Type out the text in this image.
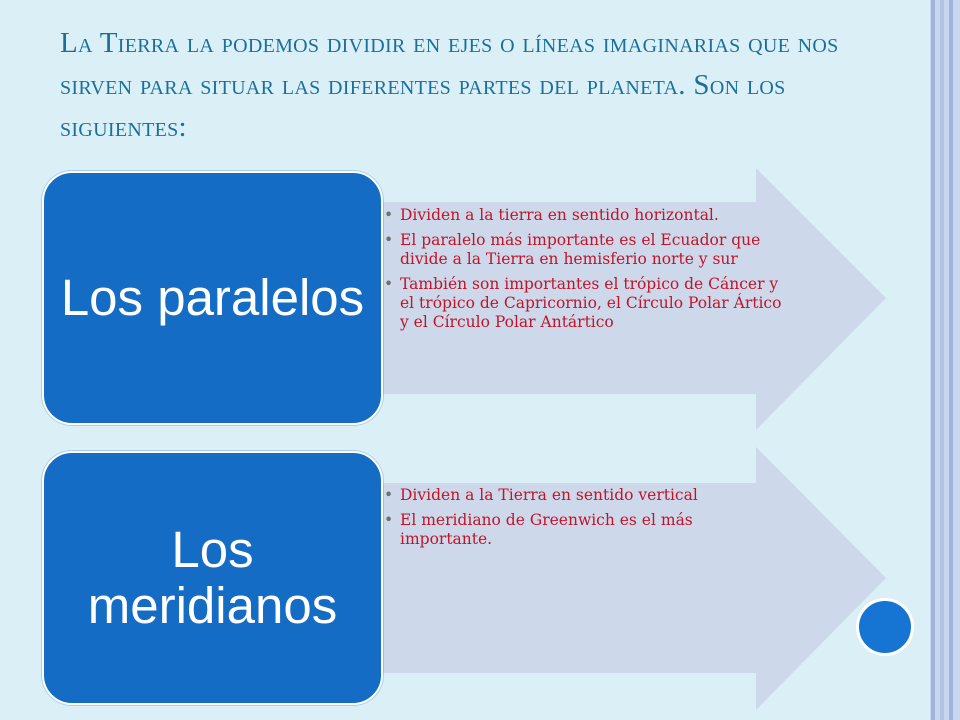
La Tierra la podemos dividir en ejes o líneas imaginarias que nos sirven para situar las diferentes partes del planeta. Son los siguientes:
Los paralelos
• Dividen a la tierra en sentido horizontal.
• El paralelo más importante es el Ecuador que divide a la Tierra en hemisferio norte y sur
• También son importantes el trópico de Cáncer y el trópico de Capricornio, el Círculo Polar Ártico y el Círculo Polar Antártico
Los meridianos
• Dividen a la Tierra en sentido vertical
• El meridiano de Greenwich es el más importante.
